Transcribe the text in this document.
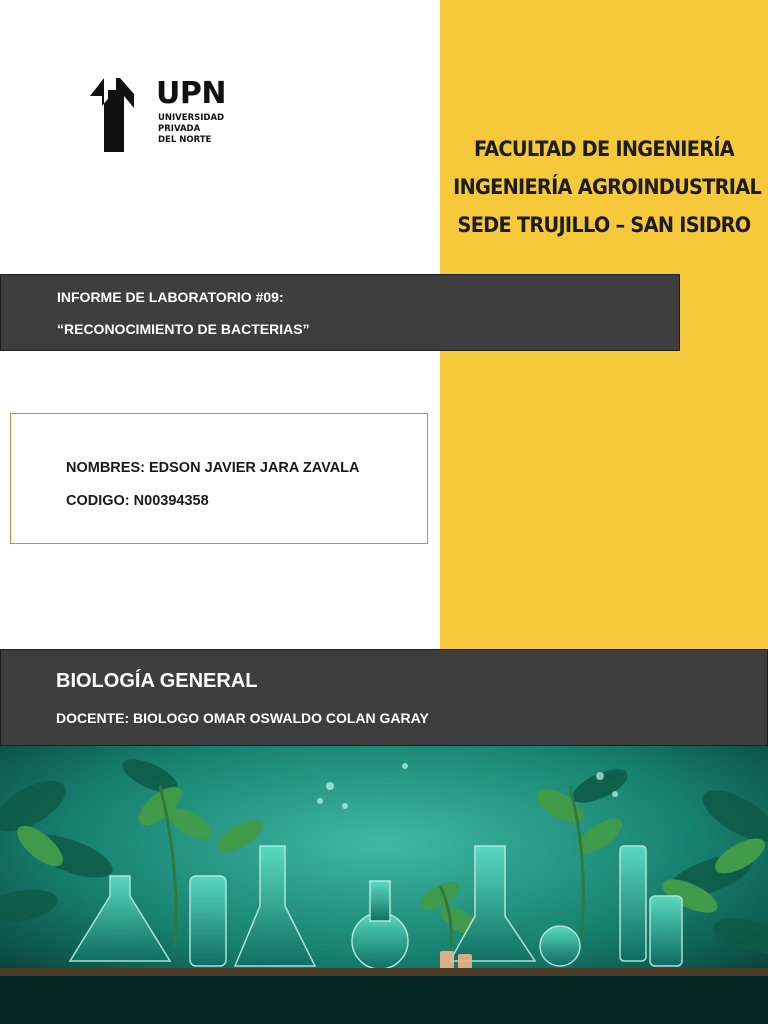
UPN
UNIVERSIDAD
PRIVADA
DEL NORTE	FACULTAD DE INGENIERÍA
INGENIERÍA AGROINDUSTRIAL
SEDE TRUJILLO – SAN ISIDRO
INFORME DE LABORATORIO #09:
“RECONOCIMIENTO DE BACTERIAS”
NOMBRES: EDSON JAVIER JARA ZAVALA
CODIGO: N00394358
BIOLOGÍA GENERAL
DOCENTE: BIOLOGO OMAR OSWALDO COLAN GARAY
